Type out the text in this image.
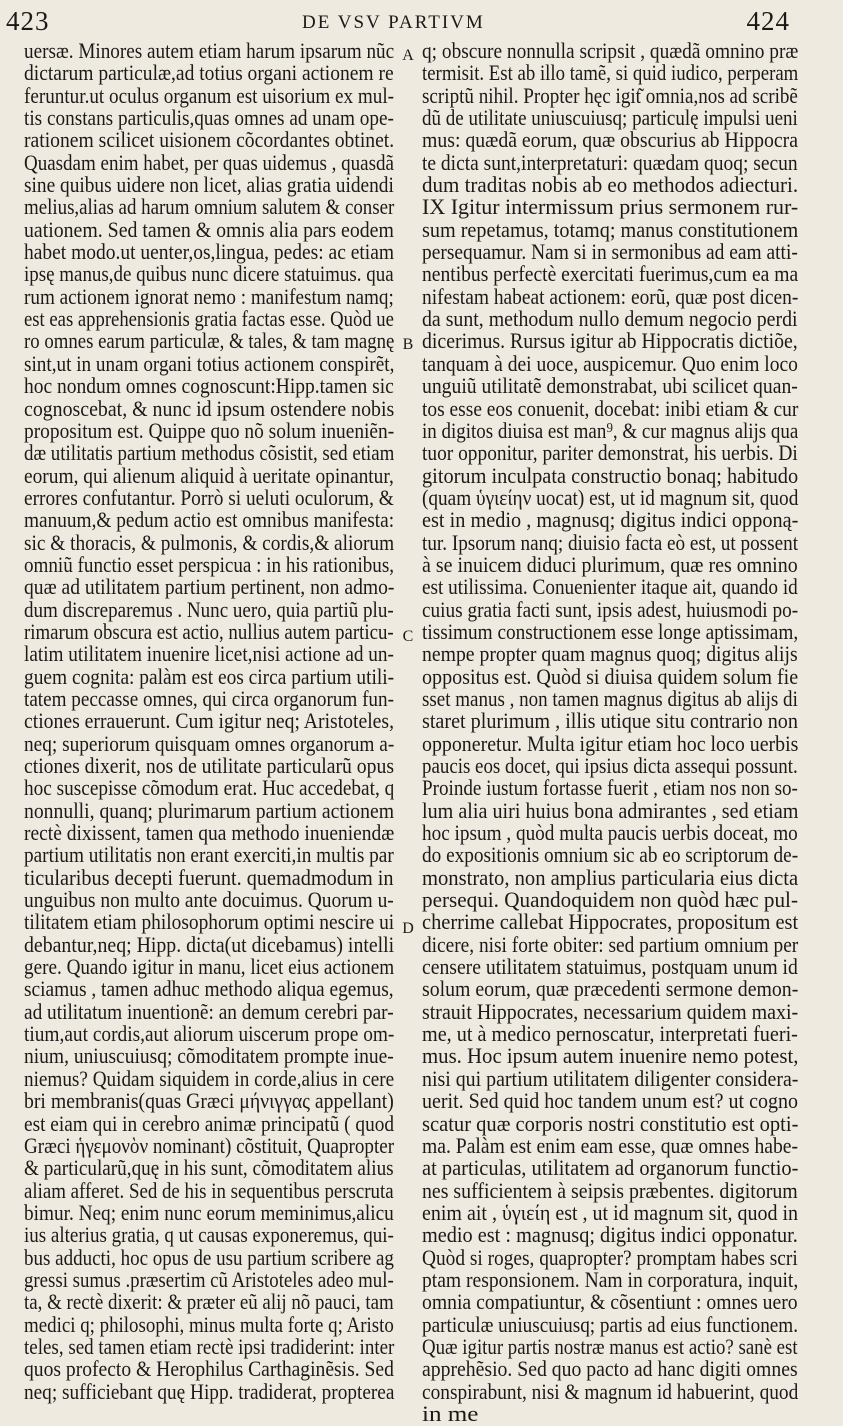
423	DE VSV PARTIVM	424
uersæ. Minores autem etiam harum ipsarum nũc
dictarum particulæ,ad totius organi actionem re
feruntur.ut oculus organum est uisorium ex mul-
tis constans particulis,quas omnes ad unam ope-
rationem scilicet uisionem cõcordantes obtinet.
Quasdam enim habet, per quas uidemus , quasdã
sine quibus uidere non licet, alias gratia uidendi
melius,alias ad harum omnium salutem & conser
uationem. Sed tamen & omnis alia pars eodem
habet modo.ut uenter,os,lingua, pedes: ac etiam
ipsę manus,de quibus nunc dicere statuimus. qua
rum actionem ignorat nemo : manifestum namq;
est eas apprehensionis gratia factas esse. Quòd ue
ro omnes earum particulæ, & tales, & tam magnę
sint,ut in unam organi totius actionem conspirẽt,
hoc nondum omnes cognoscunt:Hipp.tamen sic
cognoscebat, & nunc id ipsum ostendere nobis
propositum est. Quippe quo nõ solum inueniẽn-
dæ utilitatis partium methodus cõsistit, sed etiam
eorum, qui alienum aliquid à ueritate opinantur,
errores confutantur. Porrò si ueluti oculorum, &
manuum,& pedum actio est omnibus manifesta:
sic & thoracis, & pulmonis, & cordis,& aliorum
omniũ functio esset perspicua : in his rationibus,
quæ ad utilitatem partium pertinent, non admo-
dum discreparemus . Nunc uero, quia partiũ plu-
rimarum obscura est actio, nullius autem particu-
latim utilitatem inuenire licet,nisi actione ad un-
guem cognita: palàm est eos circa partium utili-
tatem peccasse omnes, qui circa organorum fun-
ctiones errauerunt. Cum igitur neq; Aristoteles,
neq; superiorum quisquam omnes organorum a-
ctiones dixerit, nos de utilitate particularũ opus
hoc suscepisse cõmodum erat. Huc accedebat, q
nonnulli, quanq; plurimarum partium actionem
rectè dixissent, tamen qua methodo inueniendæ
partium utilitatis non erant exerciti,in multis par
ticularibus decepti fuerunt. quemadmodum in
unguibus non multo ante docuimus. Quorum u-
tilitatem etiam philosophorum optimi nescire ui
debantur,neq; Hipp. dicta(ut dicebamus) intelli
gere. Quando igitur in manu, licet eius actionem
sciamus , tamen adhuc methodo aliqua egemus,
ad utilitatum inuentionẽ: an demum cerebri par-
tium,aut cordis,aut aliorum uiscerum prope om-
nium, uniuscuiusq; cõmoditatem prompte inue-
niemus? Quidam siquidem in corde,alius in cere
bri membranis(quas Græci μήνιγγας appellant)
est eiam qui in cerebro animæ principatũ ( quod
Græci ἡγεμονὸν nominant) cõstituit, Quapropter
& particularũ,quę in his sunt, cõmoditatem alius
aliam afferet. Sed de his in sequentibus perscruta
bimur. Neq; enim nunc eorum meminimus,alicu
ius alterius gratia, q ut causas exponeremus, qui-
bus adducti, hoc opus de usu partium scribere ag
gressi sumus .præsertim cũ Aristoteles adeo mul-
ta, & rectè dixerit: & præter eũ alij nõ pauci, tam
medici q; philosophi, minus multa forte q; Aristo
teles, sed tamen etiam rectè ipsi tradiderint: inter
quos profecto & Herophilus Carthaginẽsis. Sed
neq; sufficiebant quę Hipp. tradiderat, propterea
A
B
C
D
q; obscure nonnulla scripsit , quædã omnino præ
termisit. Est ab illo tamẽ, si quid iudico, perperam
scriptũ nihil. Propter hęc igit͂ omnia,nos ad scribẽ
dũ de utilitate uniuscuiusq; particulę impulsi ueni
mus: quædã eorum, quæ obscurius ab Hippocra
te dicta sunt,interpretaturi: quædam quoq; secun
dum traditas nobis ab eo methodos adiecturi.
IX Igitur intermissum prius sermonem rur-
sum repetamus, totamq; manus constitutionem
persequamur. Nam si in sermonibus ad eam atti-
nentibus perfectè exercitati fuerimus,cum ea ma
nifestam habeat actionem: eorũ, quæ post dicen-
da sunt, methodum nullo demum negocio perdi
dicerimus. Rursus igitur ab Hippocratis dictiõe,
tanquam à dei uoce, auspicemur. Quo enim loco
unguiũ utilitatẽ demonstrabat, ubi scilicet quan-
tos esse eos conuenit, docebat: inibi etiam & cur
in digitos diuisa est man⁹, & cur magnus alijs qua
tuor opponitur, pariter demonstrat, his uerbis. Di
gitorum inculpata constructio bonaq; habitudo
(quam ὑγιείην uocat) est, ut id magnum sit, quod
est in medio , magnusq; digitus indici opponą-
tur. Ipsorum nanq; diuisio facta eò est, ut possent
à se inuicem diduci plurimum, quæ res omnino
est utilissima. Conuenienter itaque ait, quando id
cuius gratia facti sunt, ipsis adest, huiusmodi po-
tissimum constructionem esse longe aptissimam,
nempe propter quam magnus quoq; digitus alijs
oppositus est. Quòd si diuisa quidem solum fie
sset manus , non tamen magnus digitus ab alijs di
staret plurimum , illis utique situ contrario non
opponeretur. Multa igitur etiam hoc loco uerbis
paucis eos docet, qui ipsius dicta assequi possunt.
Proinde iustum fortasse fuerit , etiam nos non so-
lum alia uiri huius bona admirantes , sed etiam
hoc ipsum , quòd multa paucis uerbis doceat, mo
do expositionis omnium sic ab eo scriptorum de-
monstrato, non amplius particularia eius dicta
persequi. Quandoquidem non quòd hæc pul-
cherrime callebat Hippocrates, propositum est
dicere, nisi forte obiter: sed partium omnium per
censere utilitatem statuimus, postquam unum id
solum eorum, quæ præcedenti sermone demon-
strauit Hippocrates, necessarium quidem maxi-
me, ut à medico pernoscatur, interpretati fueri-
mus. Hoc ipsum autem inuenire nemo potest,
nisi qui partium utilitatem diligenter considera-
uerit. Sed quid hoc tandem unum est? ut cogno
scatur quæ corporis nostri constitutio est opti-
ma. Palàm est enim eam esse, quæ omnes habe-
at particulas, utilitatem ad organorum functio-
nes sufficientem à seipsis præbentes. digitorum
enim ait , ὑγιείη est , ut id magnum sit, quod in
medio est : magnusq; digitus indici opponatur.
Quòd si roges, quapropter? promptam habes scri
ptam responsionem. Nam in corporatura, inquit,
omnia compatiuntur, & cõsentiunt : omnes uero
particulæ uniuscuiusq; partis ad eius functionem.
Quæ igitur partis nostræ manus est actio? sanè est
apprehẽsio. Sed quo pacto ad hanc digiti omnes
conspirabunt, nisi & magnum id habuerint, quod
in me
